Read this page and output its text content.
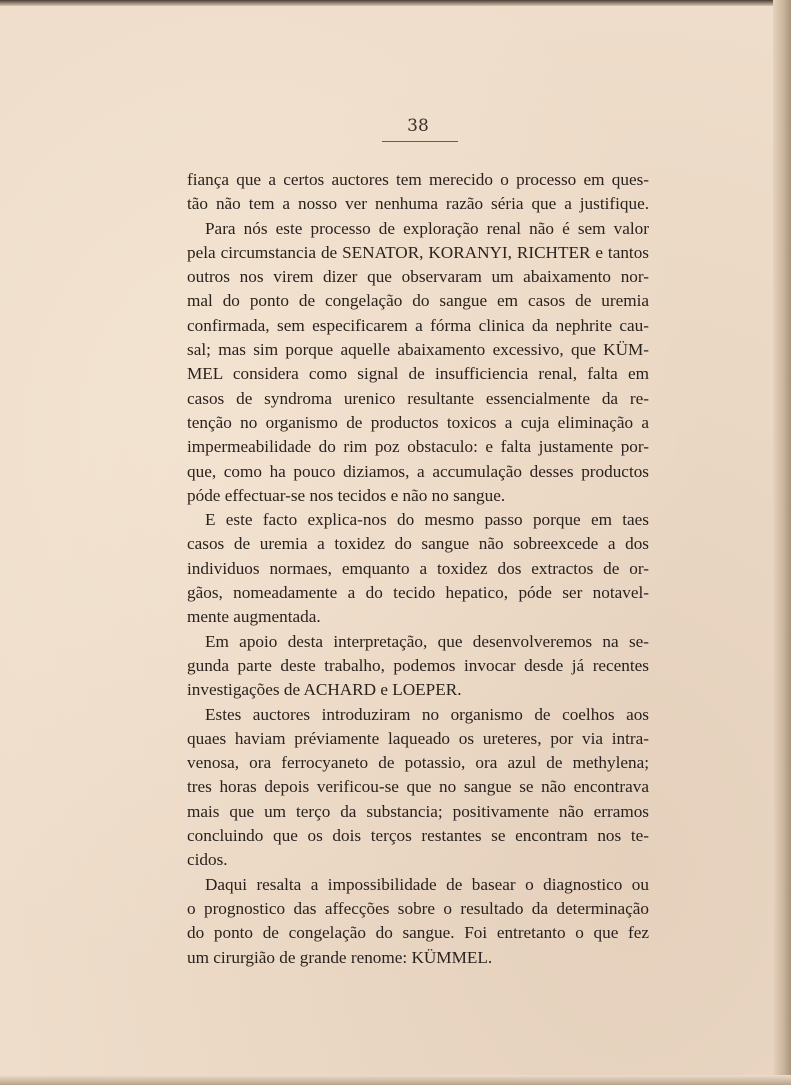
38
fiança que a certos auctores tem merecido o processo em ques-
tão não tem a nosso ver nenhuma razão séria que a justifique.
Para nós este processo de exploração renal não é sem valor
pela circumstancia de SENATOR, KORANYI, RICHTER e tantos
outros nos virem dizer que observaram um abaixamento nor-
mal do ponto de congelação do sangue em casos de uremia
confirmada, sem especificarem a fórma clinica da nephrite cau-
sal; mas sim porque aquelle abaixamento excessivo, que KÜM-
MEL considera como signal de insufficiencia renal, falta em
casos de syndroma urenico resultante essencialmente da re-
tenção no organismo de productos toxicos a cuja eliminação a
impermeabilidade do rim poz obstaculo: e falta justamente por-
que, como ha pouco diziamos, a accumulação desses productos
póde effectuar-se nos tecidos e não no sangue.
E este facto explica-nos do mesmo passo porque em taes
casos de uremia a toxidez do sangue não sobreexcede a dos
individuos normaes, emquanto a toxidez dos extractos de or-
gãos, nomeadamente a do tecido hepatico, póde ser notavel-
mente augmentada.
Em apoio desta interpretação, que desenvolveremos na se-
gunda parte deste trabalho, podemos invocar desde já recentes
investigações de ACHARD e LOEPER.
Estes auctores introduziram no organismo de coelhos aos
quaes haviam préviamente laqueado os ureteres, por via intra-
venosa, ora ferrocyaneto de potassio, ora azul de methylena;
tres horas depois verificou-se que no sangue se não encontrava
mais que um terço da substancia; positivamente não erramos
concluindo que os dois terços restantes se encontram nos te-
cidos.
Daqui resalta a impossibilidade de basear o diagnostico ou
o prognostico das affecções sobre o resultado da determinação
do ponto de congelação do sangue. Foi entretanto o que fez
um cirurgião de grande renome: KÜMMEL.
